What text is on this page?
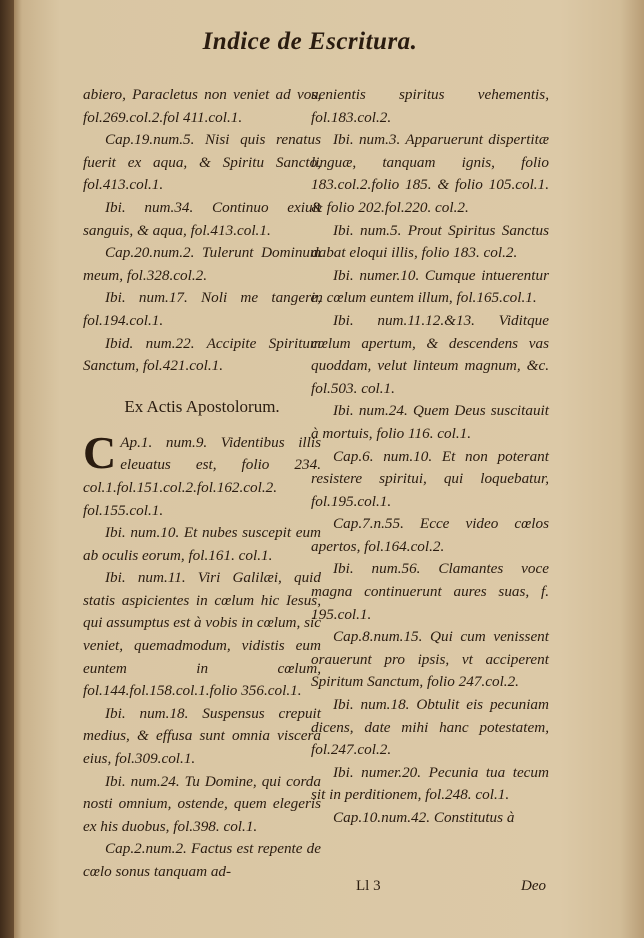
Indice de Escritura.

abiero, Paracletus non veniet ad vos, fol.269.col.2.fol 411.col.1.

Cap.19.num.5. Nisi quis renatus fuerit ex aqua, & Spiritu Sancto, fol.413.col.1.

Ibi. num.34. Continuo exiuit sanguis, & aqua, fol.413.col.1.

Cap.20.num.2. Tulerunt Dominum meum, fol.328.col.2.

Ibi. num.17. Noli me tangere, fol.194.col.1.

Ibid. num.22. Accipite Spiritum Sanctum, fol.421.col.1.

Ex Actis Apostolorum.

C Ap.1. num.9. Videntibus illis eleuatus est, folio 234. col.1.fol.151.col.2.fol.162.col.2. fol.155.col.1.

Ibi. num.10. Et nubes suscepit eum ab oculis eorum, fol.161. col.1.

Ibi. num.11. Viri Galilæi, quid statis aspicientes in cœlum hic Iesus, qui assumptus est à vobis in cœlum, sic veniet, quemadmodum, vidistis eum euntem in cœlum, fol.144.fol.158.col.1.folio 356.col.1.

Ibi. num.18. Suspensus crepuit medius, & effusa sunt omnia viscera eius, fol.309.col.1.

Ibi. num.24. Tu Domine, qui corda nosti omnium, ostende, quem elegeris ex his duobus, fol.398. col.1.

Cap.2.num.2. Factus est repente de cœlo sonus tanquam ad-

uenientis spiritus vehementis, fol.183.col.2.

Ibi. num.3. Apparuerunt dispertitæ linguæ, tanquam ignis, folio 183.col.2.folio 185. & folio 105.col.1. & folio 202.fol.220. col.2.

Ibi. num.5. Prout Spiritus Sanctus dabat eloqui illis, folio 183. col.2.

Ibi. numer.10. Cumque intuerentur in cœlum euntem illum, fol.165.col.1.

Ibi. num.11.12.&13. Viditque cœlum apertum, & descendens vas quoddam, velut linteum magnum, &c. fol.503. col.1.

Ibi. num.24. Quem Deus suscitauit à mortuis, folio 116. col.1.

Cap.6. num.10. Et non poterant resistere spiritui, qui loquebatur, fol.195.col.1.

Cap.7.n.55. Ecce video cœlos apertos, fol.164.col.2.

Ibi. num.56. Clamantes voce magna continuerunt aures suas, f. 195.col.1.

Cap.8.num.15. Qui cum venissent orauerunt pro ipsis, vt acciperent Spiritum Sanctum, folio 247.col.2.

Ibi. num.18. Obtulit eis pecuniam dicens, date mihi hanc potestatem, fol.247.col.2.

Ibi. numer.20. Pecunia tua tecum sit in perditionem, fol.248. col.1.

Cap.10.num.42. Constitutus à

Ll 3	Deo
